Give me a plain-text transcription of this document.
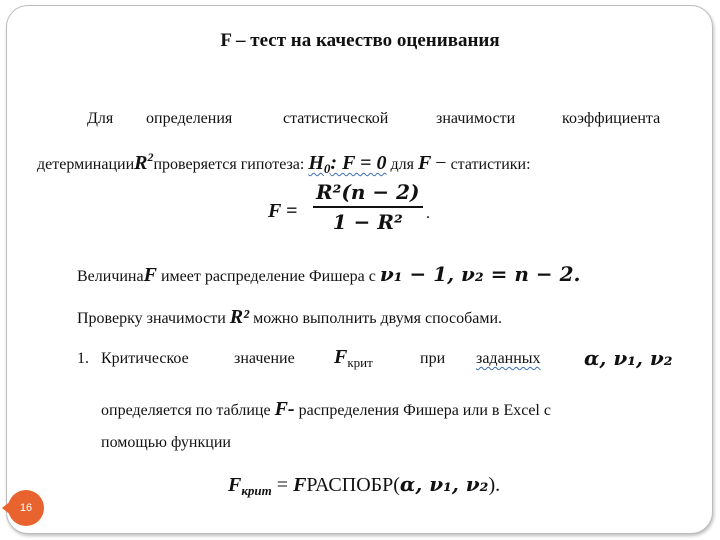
F – тест на качество оценивания
Для определения	статистической	значимости	коэффициента
детерминацииR$^2$проверяется гипотеза: $H_0$: F = 0 для F − статистики:
F =
R²(n − 2)
1 − R² .
ВеличинаF имеет распределение Фишера с ν₁ − 1, ν₂ = n − 2.
Проверку значимости R² можно выполнить двумя способами.
1. Критическое	значение $F_{крит}$	при заданных α, ν₁, ν₂
определяется по таблице F- распределения Фишера или в Excel с
помощью функции
$F_{крит}$ = FРАСПОБР(α, ν₁, ν₂).
16
